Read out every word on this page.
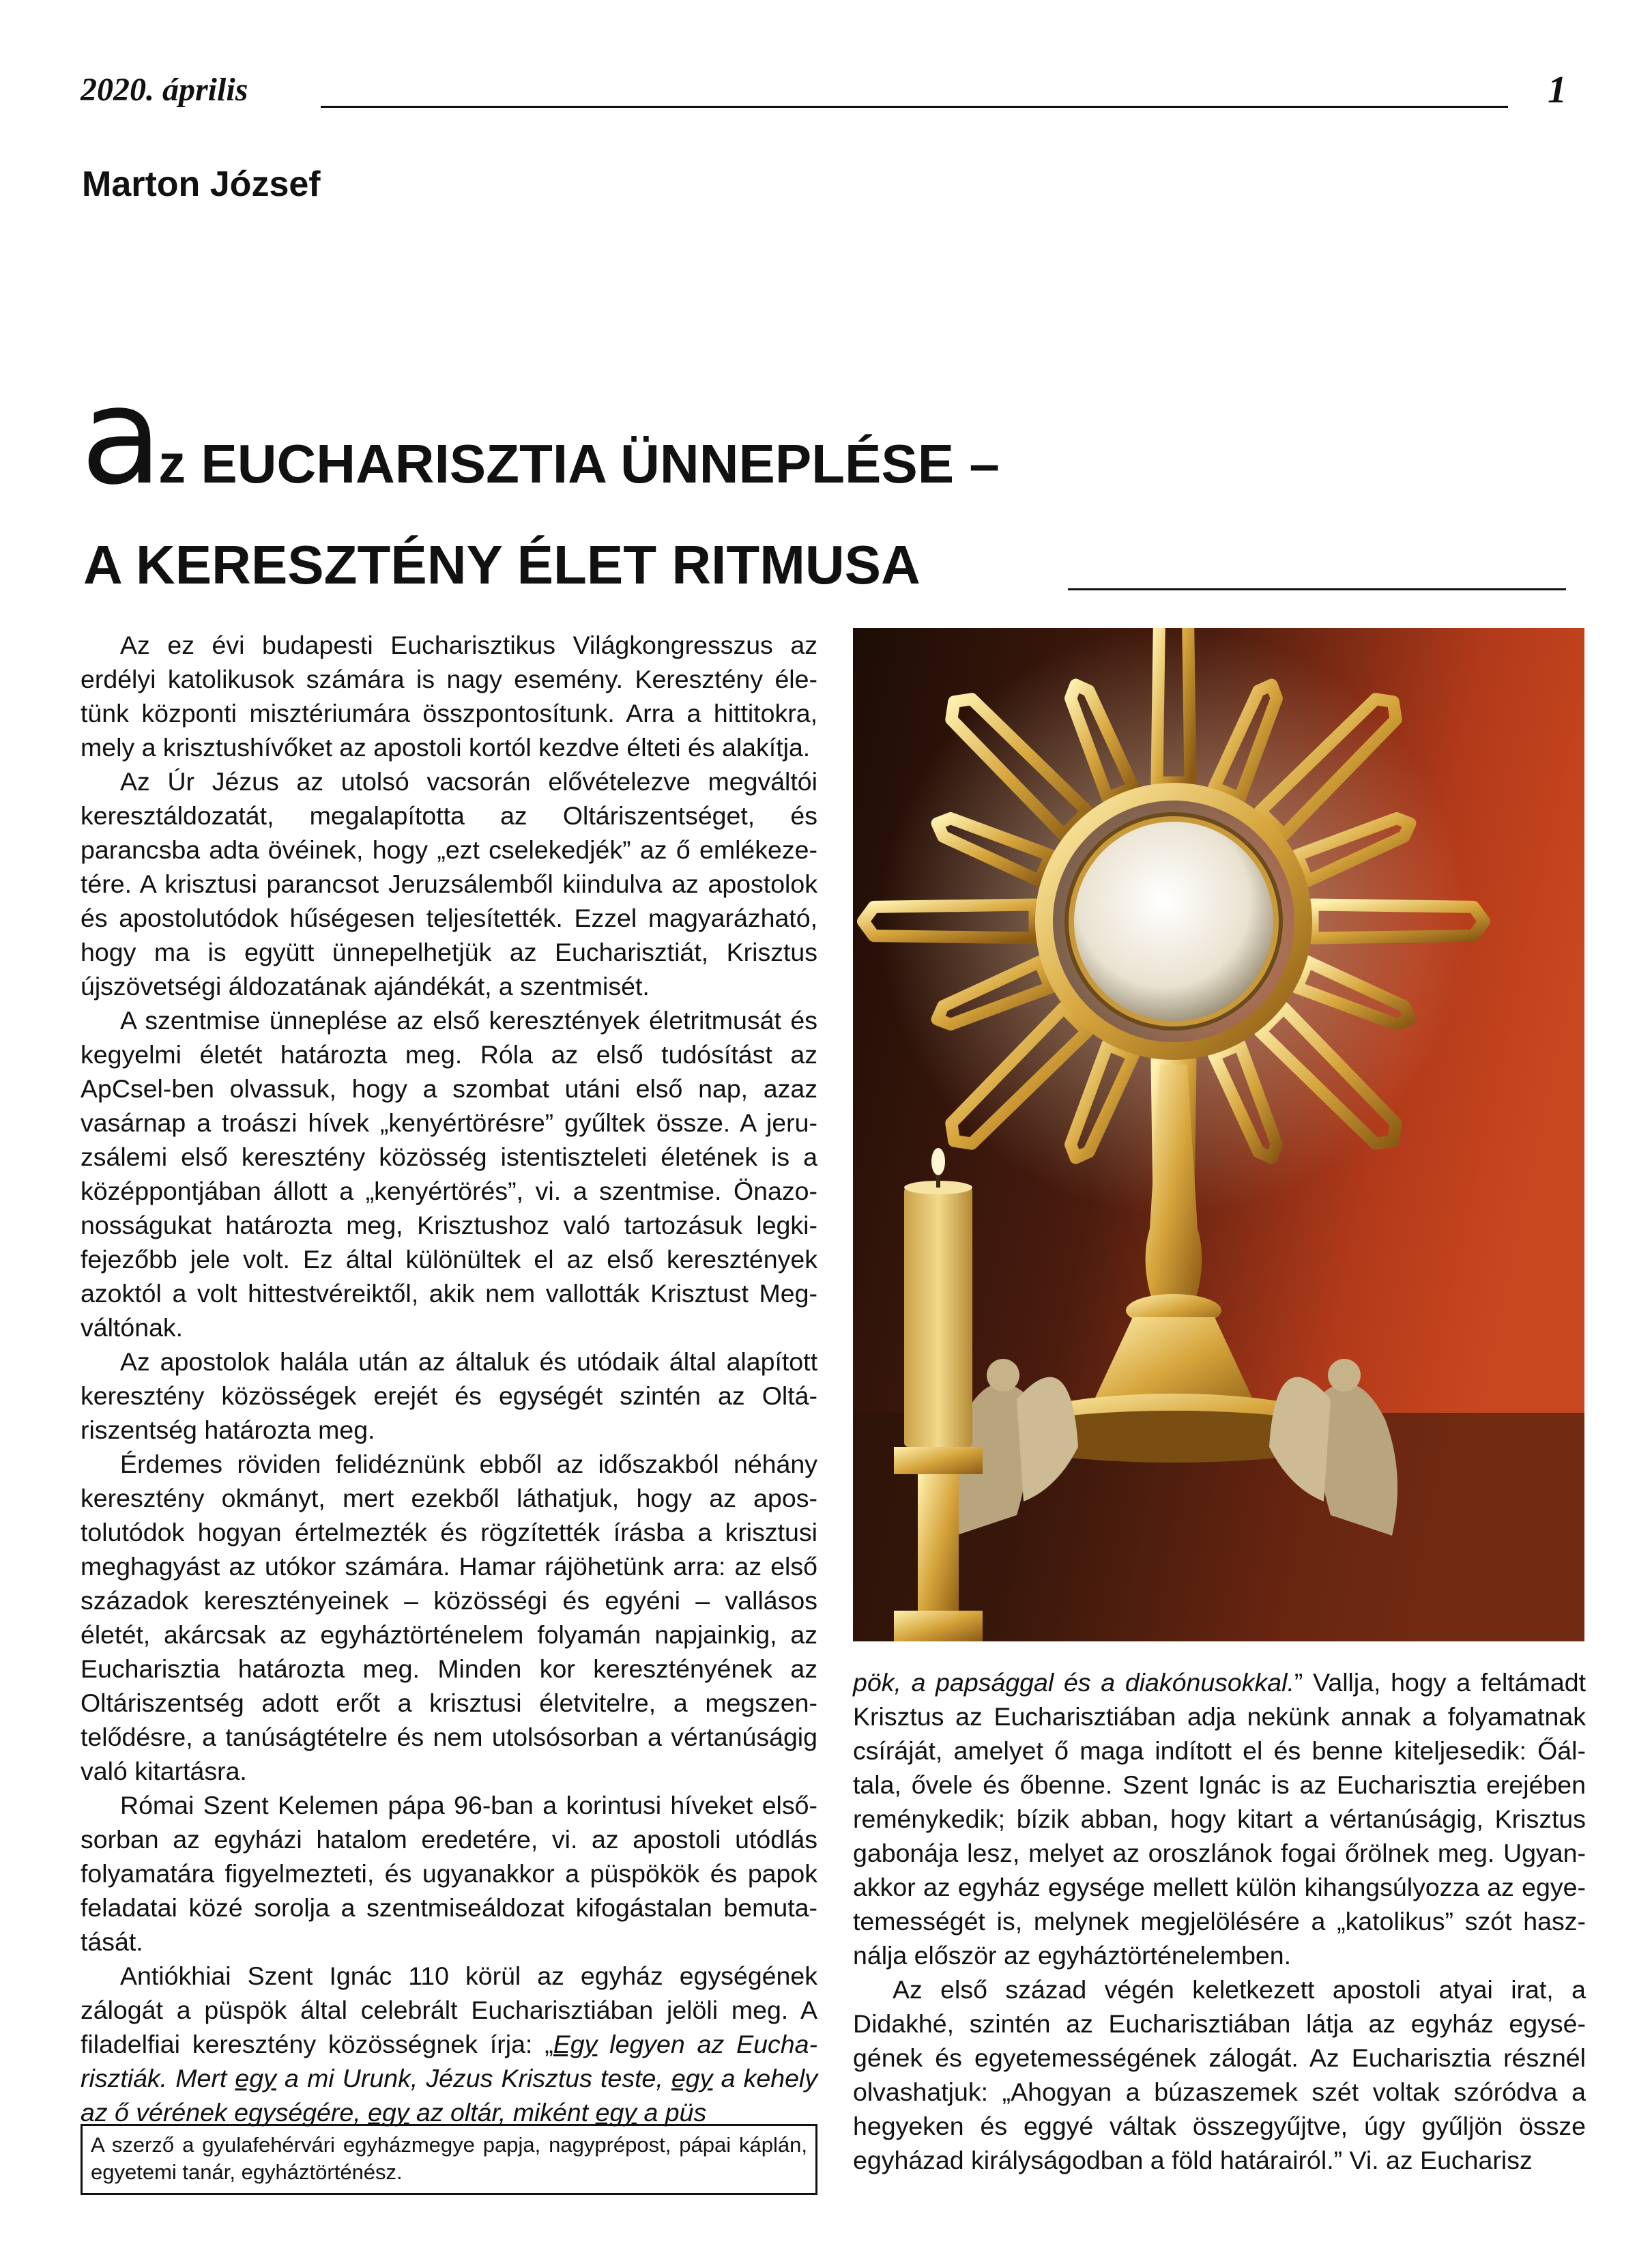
2020. április	1
Marton József
az EUCHARISZTIA ÜNNEPLÉSE –
A KERESZTÉNY ÉLET RITMUSA

Az ez évi budapesti Eucharisztikus Világkongresszus az erdélyi katolikusok számára is nagy esemény. Keresztény életünk központi misztériumára összpontosítunk. Arra a hittitokra, mely a krisztushívőket az apostoli kortól kezdve élteti és alakítja.

Az Úr Jézus az utolsó vacsorán elővételezve megváltói keresztáldozatát, megalapította az Oltáriszentséget, és parancsba adta övéinek, hogy „ezt cselekedjék” az ő emlékezetére. A krisztusi parancsot Jeruzsálemből kiindulva az apostolok és apostolutódok hűségesen teljesítették. Ezzel magyarázható, hogy ma is együtt ünnepelhetjük az Eucharisztiát, Krisztus újszövetségi áldozatának ajándékát, a szentmisét.

A szentmise ünneplése az első keresztények életritmusát és kegyelmi életét határozta meg. Róla az első tudósítást az ApCsel-ben olvassuk, hogy a szombat utáni első nap, azaz vasárnap a troászi hívek „kenyértörésre” gyűltek össze. A jeruzsálemi első keresztény közösség istentiszteleti életének is a középpontjában állott a „kenyértörés”, vi. a szentmise. Önazonosságukat határozta meg, Krisztushoz való tartozásuk legkifejezőbb jele volt. Ez által különültek el az első keresztények azoktól a volt hittestvéreiktől, akik nem vallották Krisztust Megváltónak.

Az apostolok halála után az általuk és utódaik által alapított keresztény közösségek erejét és egységét szintén az Oltáriszentség határozta meg.

Érdemes röviden felidéznünk ebből az időszakból néhány keresztény okmányt, mert ezekből láthatjuk, hogy az apostolutódok hogyan értelmezték és rögzítették írásba a krisztusi meghagyást az utókor számára. Hamar rájöhetünk arra: az első századok keresztényeinek – közösségi és egyéni – vallásos életét, akárcsak az egyháztörténelem folyamán napjainkig, az Eucharisztia határozta meg. Minden kor keresztényének az Oltáriszentség adott erőt a krisztusi életvitelre, a megszentelődésre, a tanúságtételre és nem utolsósorban a vértanúságig való kitartásra.

Római Szent Kelemen pápa 96-ban a korintusi híveket elsősorban az egyházi hatalom eredetére, vi. az apostoli utódlás folyamatára figyelmezteti, és ugyanakkor a püspökök és papok feladatai közé sorolja a szentmiseáldozat kifogástalan bemutatását.

Antiókhiai Szent Ignác 110 körül az egyház egységének zálogát a püspök által celebrált Eucharisztiában jelöli meg. A filadelfiai keresztény közösségnek írja: „Egy legyen az Eucharisztiák. Mert egy a mi Urunk, Jézus Krisztus teste, egy a kehely az ő vérének egységére, egy az oltár, miként egy a püs

A szerző a gyulafehérvári egyházmegye papja, nagyprépost, pápai káplán, egyetemi tanár, egyháztörténész.

pök, a papsággal és a diakónusokkal.” Vallja, hogy a feltámadt Krisztus az Eucharisztiában adja nekünk annak a folyamatnak csíráját, amelyet ő maga indított el és benne kiteljesedik: Őáltala, ővele és őbenne. Szent Ignác is az Eucharisztia erejében reménykedik; bízik abban, hogy kitart a vértanúságig, Krisztus gabonája lesz, melyet az oroszlánok fogai őrölnek meg. Ugyanakkor az egyház egysége mellett külön kihangsúlyozza az egyetemességét is, melynek megjelölésére a „katolikus” szót használja először az egyháztörténelemben.

Az első század végén keletkezett apostoli atyai irat, a Didakhé, szintén az Eucharisztiában látja az egyház egységének és egyetemességének zálogát. Az Eucharisztia résznél olvashatjuk: „Ahogyan a búzaszemek szét voltak szóródva a hegyeken és eggyé váltak összegyűjtve, úgy gyűljön össze egyházad királyságodban a föld határairól.” Vi. az Eucharisz
